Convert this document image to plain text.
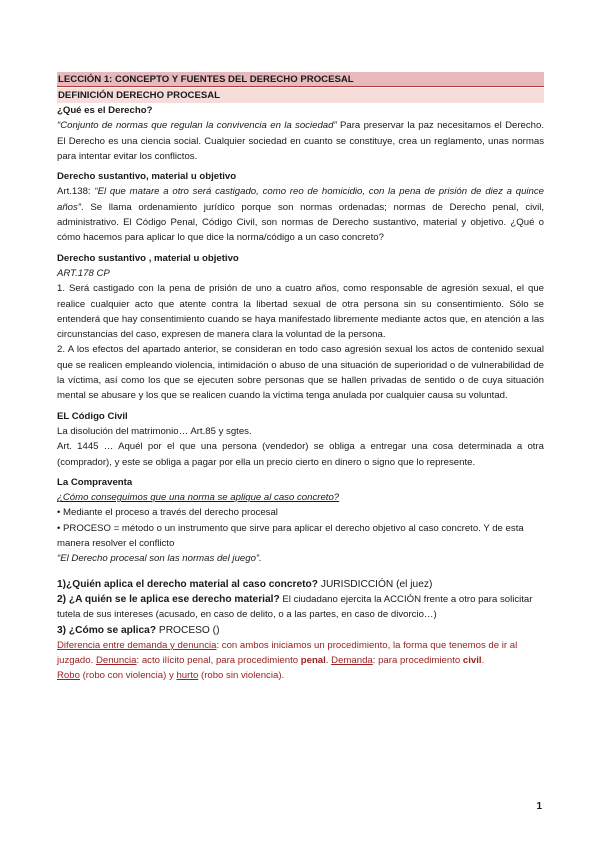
LECCIÓN 1: CONCEPTO Y FUENTES DEL DERECHO PROCESAL
DEFINICIÓN DERECHO PROCESAL

¿Qué es el Derecho?

“Conjunto de normas que regulan la convivencia en la sociedad” Para preservar la paz necesitamos el Derecho. El Derecho es una ciencia social. Cualquier sociedad en cuanto se constituye, crea un reglamento, unas normas para intentar evitar los conflictos.

Derecho sustantivo, material u objetivo

Art.138: “El que matare a otro será castigado, como reo de homicidio, con la pena de prisión de diez a quince años”. Se llama ordenamiento jurídico porque son normas ordenadas; normas de Derecho penal, civil, administrativo. El Código Penal, Código Civil, son normas de Derecho sustantivo, material y objetivo. ¿Qué o cómo hacemos para aplicar lo que dice la norma/código a un caso concreto?

Derecho sustantivo , material u objetivo

ART.178 CP

1. Será castigado con la pena de prisión de uno a cuatro años, como responsable de agresión sexual, el que realice cualquier acto que atente contra la libertad sexual de otra persona sin su consentimiento. Sólo se entenderá que hay consentimiento cuando se haya manifestado libremente mediante actos que, en atención a las circunstancias del caso, expresen de manera clara la voluntad de la persona.

2. A los efectos del apartado anterior, se consideran en todo caso agresión sexual los actos de contenido sexual que se realicen empleando violencia, intimidación o abuso de una situación de superioridad o de vulnerabilidad de la víctima, así como los que se ejecuten sobre personas que se hallen privadas de sentido o de cuya situación mental se abusare y los que se realicen cuando la víctima tenga anulada por cualquier causa su voluntad.

EL Código Civil

La disolución del matrimonio… Art.85 y sgtes.

Art. 1445 … Aquél por el que una persona (vendedor) se obliga a entregar una cosa determinada a otra (comprador), y este se obliga a pagar por ella un precio cierto en dinero o signo que lo represente.

La Compraventa

¿Cómo conseguimos que una norma se aplique al caso concreto?

• Mediante el proceso a través del derecho procesal

• PROCESO = método o un instrumento que sirve para aplicar el derecho objetivo al caso concreto. Y de esta manera resolver el conflicto

“El Derecho procesal son las normas del juego”.

1)¿Quién aplica el derecho material al caso concreto? JURISDICCIÓN (el juez)

2) ¿A quién se le aplica ese derecho material? El ciudadano ejercita la ACCIÓN frente a otro para solicitar tutela de sus intereses (acusado, en caso de delito, o a las partes, en caso de divorcio…)

3) ¿Cómo se aplica? PROCESO ()

Diferencia entre demanda y denuncia: con ambos iniciamos un procedimiento, la forma que tenemos de ir al juzgado. Denuncia: acto ilícito penal, para procedimiento penal. Demanda: para procedimiento civil.

Robo (robo con violencia) y hurto (robo sin violencia).

1
